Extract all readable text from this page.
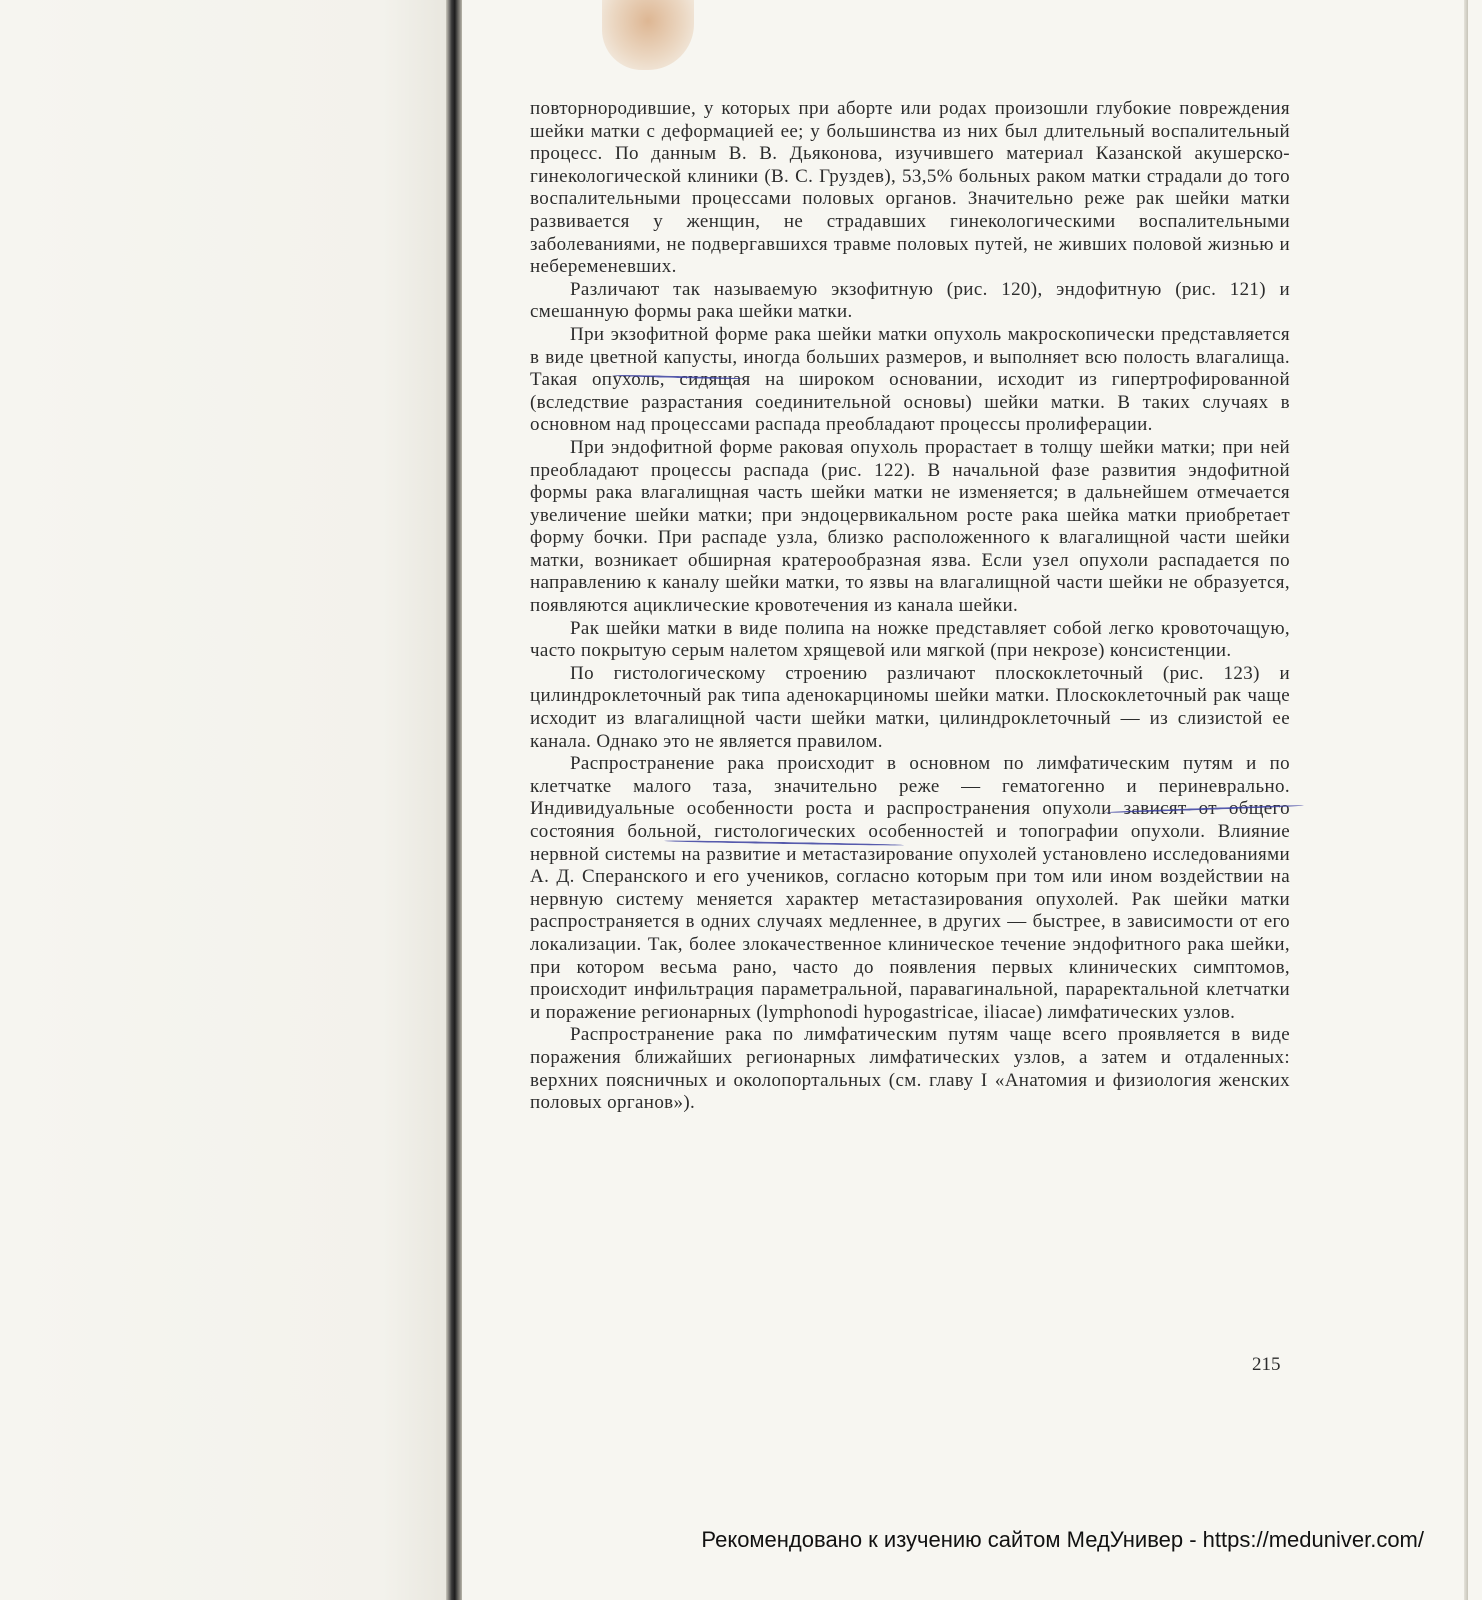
повторнородившие, у которых при аборте или родах произошли глубокие повреждения шейки матки с деформацией ее; у большинства из них был длительный воспалительный процесс. По данным В. В. Дьяконова, изучившего материал Казанской акушерско-гинекологической клиники (В. С. Груздев), 53,5% больных раком матки страдали до того воспалительными процессами половых органов. Значительно реже рак шейки матки развивается у женщин, не страдавших гинекологическими воспалительными заболеваниями, не подвергавшихся травме половых путей, не живших половой жизнью и небеременевших.

Различают так называемую экзофитную (рис. 120), эндофитную (рис. 121) и смешанную формы рака шейки матки.

При экзофитной форме рака шейки матки опухоль макроскопически представляется в виде цветной капусты, иногда больших размеров, и выполняет всю полость влагалища. Такая опухоль, сидящая на широком основании, исходит из гипертрофированной (вследствие разрастания соединительной основы) шейки матки. В таких случаях в основном над процессами распада преобладают процессы пролиферации.

При эндофитной форме раковая опухоль прорастает в толщу шейки матки; при ней преобладают процессы распада (рис. 122). В начальной фазе развития эндофитной формы рака влагалищная часть шейки матки не изменяется; в дальнейшем отмечается увеличение шейки матки; при эндоцервикальном росте рака шейка матки приобретает форму бочки. При распаде узла, близко расположенного к влагалищной части шейки матки, возникает обширная кратерообразная язва. Если узел опухоли распадается по направлению к каналу шейки матки, то язвы на влагалищной части шейки не образуется, появляются ациклические кровотечения из канала шейки.

Рак шейки матки в виде полипа на ножке представляет собой легко кровоточащую, часто покрытую серым налетом хрящевой или мягкой (при некрозе) консистенции.

По гистологическому строению различают плоскоклеточный (рис. 123) и цилиндроклеточный рак типа аденокарциномы шейки матки. Плоскоклеточный рак чаще исходит из влагалищной части шейки матки, цилиндроклеточный — из слизистой ее канала. Однако это не является правилом.

Распространение рака происходит в основном по лимфатическим путям и по клетчатке малого таза, значительно реже — гематогенно и периневрально. Индивидуальные особенности роста и распространения опухоли зависят от общего состояния больной, гистологических особенностей и топографии опухоли. Влияние нервной системы на развитие и метастазирование опухолей установлено исследованиями А. Д. Сперанского и его учеников, согласно которым при том или ином воздействии на нервную систему меняется характер метастазирования опухолей. Рак шейки матки распространяется в одних случаях медленнее, в других — быстрее, в зависимости от его локализации. Так, более злокачественное клиническое течение эндофитного рака шейки, при котором весьма рано, часто до появления первых клинических симптомов, происходит инфильтрация параметральной, паравагинальной, параректальной клетчатки и поражение регионарных (lymphonodi hypogastricae, iliacae) лимфатических узлов.

Распространение рака по лимфатическим путям чаще всего проявляется в виде поражения ближайших регионарных лимфатических узлов, а затем и отдаленных: верхних поясничных и околопортальных (см. главу I «Анатомия и физиология женских половых органов»).

215
Рекомендовано к изучению сайтом МедУнивер - https://meduniver.com/
